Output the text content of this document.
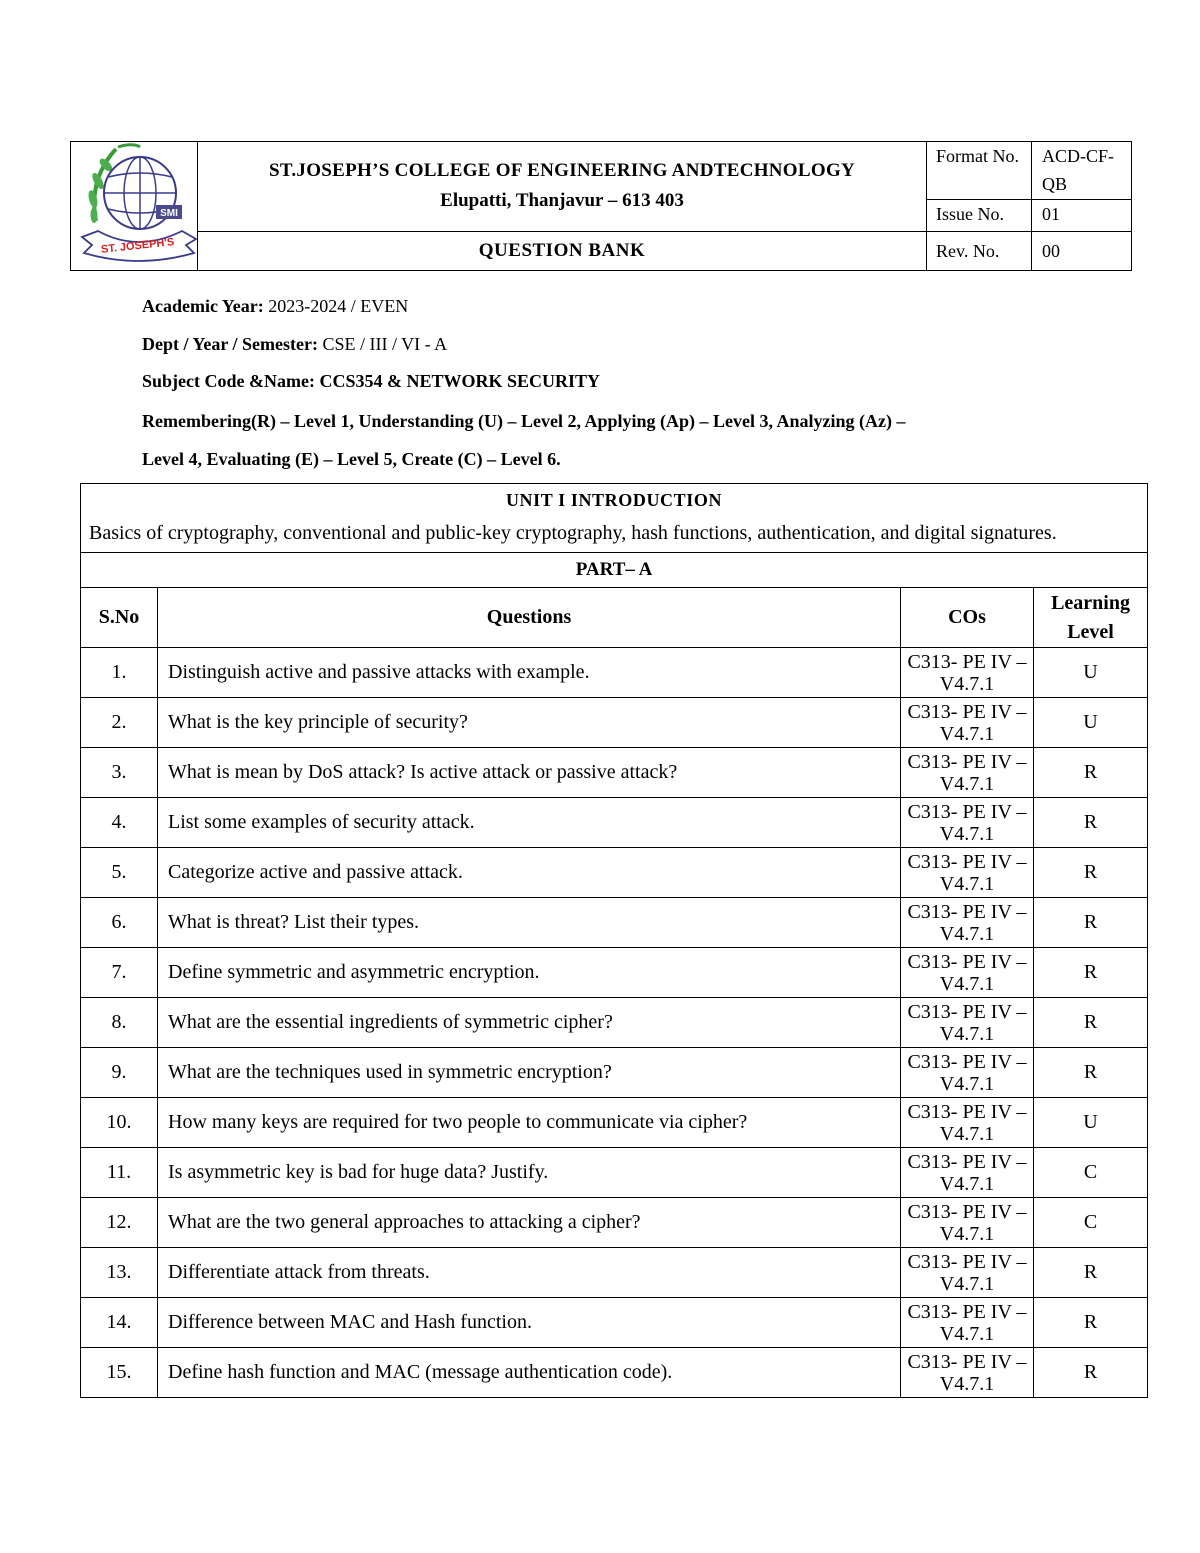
	ST.JOSEPH’S COLLEGE OF ENGINEERING ANDTECHNOLOGY
Elupatti, Thanjavur – 613 403	Format No.	ACD-CF-QB
		Issue No.	01
	QUESTION BANK	Rev. No.	00
SMI
ST. JOSEPH'S
Academic Year: 2023-2024 / EVEN
Dept / Year / Semester: CSE / III / VI - A
Subject Code &Name: CCS354 & NETWORK SECURITY
Remembering(R) – Level 1, Understanding (U) – Level 2, Applying (Ap) – Level 3, Analyzing (Az) –
Level 4, Evaluating (E) – Level 5, Create (C) – Level 6.
UNIT I INTRODUCTION
Basics of cryptography, conventional and public-key cryptography, hash functions, authentication, and digital signatures.			

PART– A			
S.No	Questions	COs	Learning Level
1.	Distinguish active and passive attacks with example.	C313- PE IV –
V4.7.1	U
2.	What is the key principle of security?	C313- PE IV –
V4.7.1	U
3.	What is mean by DoS attack? Is active attack or passive attack?	C313- PE IV –
V4.7.1	R
4.	List some examples of security attack.	C313- PE IV –
V4.7.1	R
5.	Categorize active and passive attack.	C313- PE IV –
V4.7.1	R
6.	What is threat? List their types.	C313- PE IV –
V4.7.1	R
7.	Define symmetric and asymmetric encryption.	C313- PE IV –
V4.7.1	R
8.	What are the essential ingredients of symmetric cipher?	C313- PE IV –
V4.7.1	R
9.	What are the techniques used in symmetric encryption?	C313- PE IV –
V4.7.1	R
10.	How many keys are required for two people to communicate via cipher?	C313- PE IV –
V4.7.1	U
11.	Is asymmetric key is bad for huge data? Justify.	C313- PE IV –
V4.7.1	C
12.	What are the two general approaches to attacking a cipher?	C313- PE IV –
V4.7.1	C
13.	Differentiate attack from threats.	C313- PE IV –
V4.7.1	R
14.	Difference between MAC and Hash function.	C313- PE IV –
V4.7.1	R
15.	Define hash function and MAC (message authentication code).	C313- PE IV –
V4.7.1	R
